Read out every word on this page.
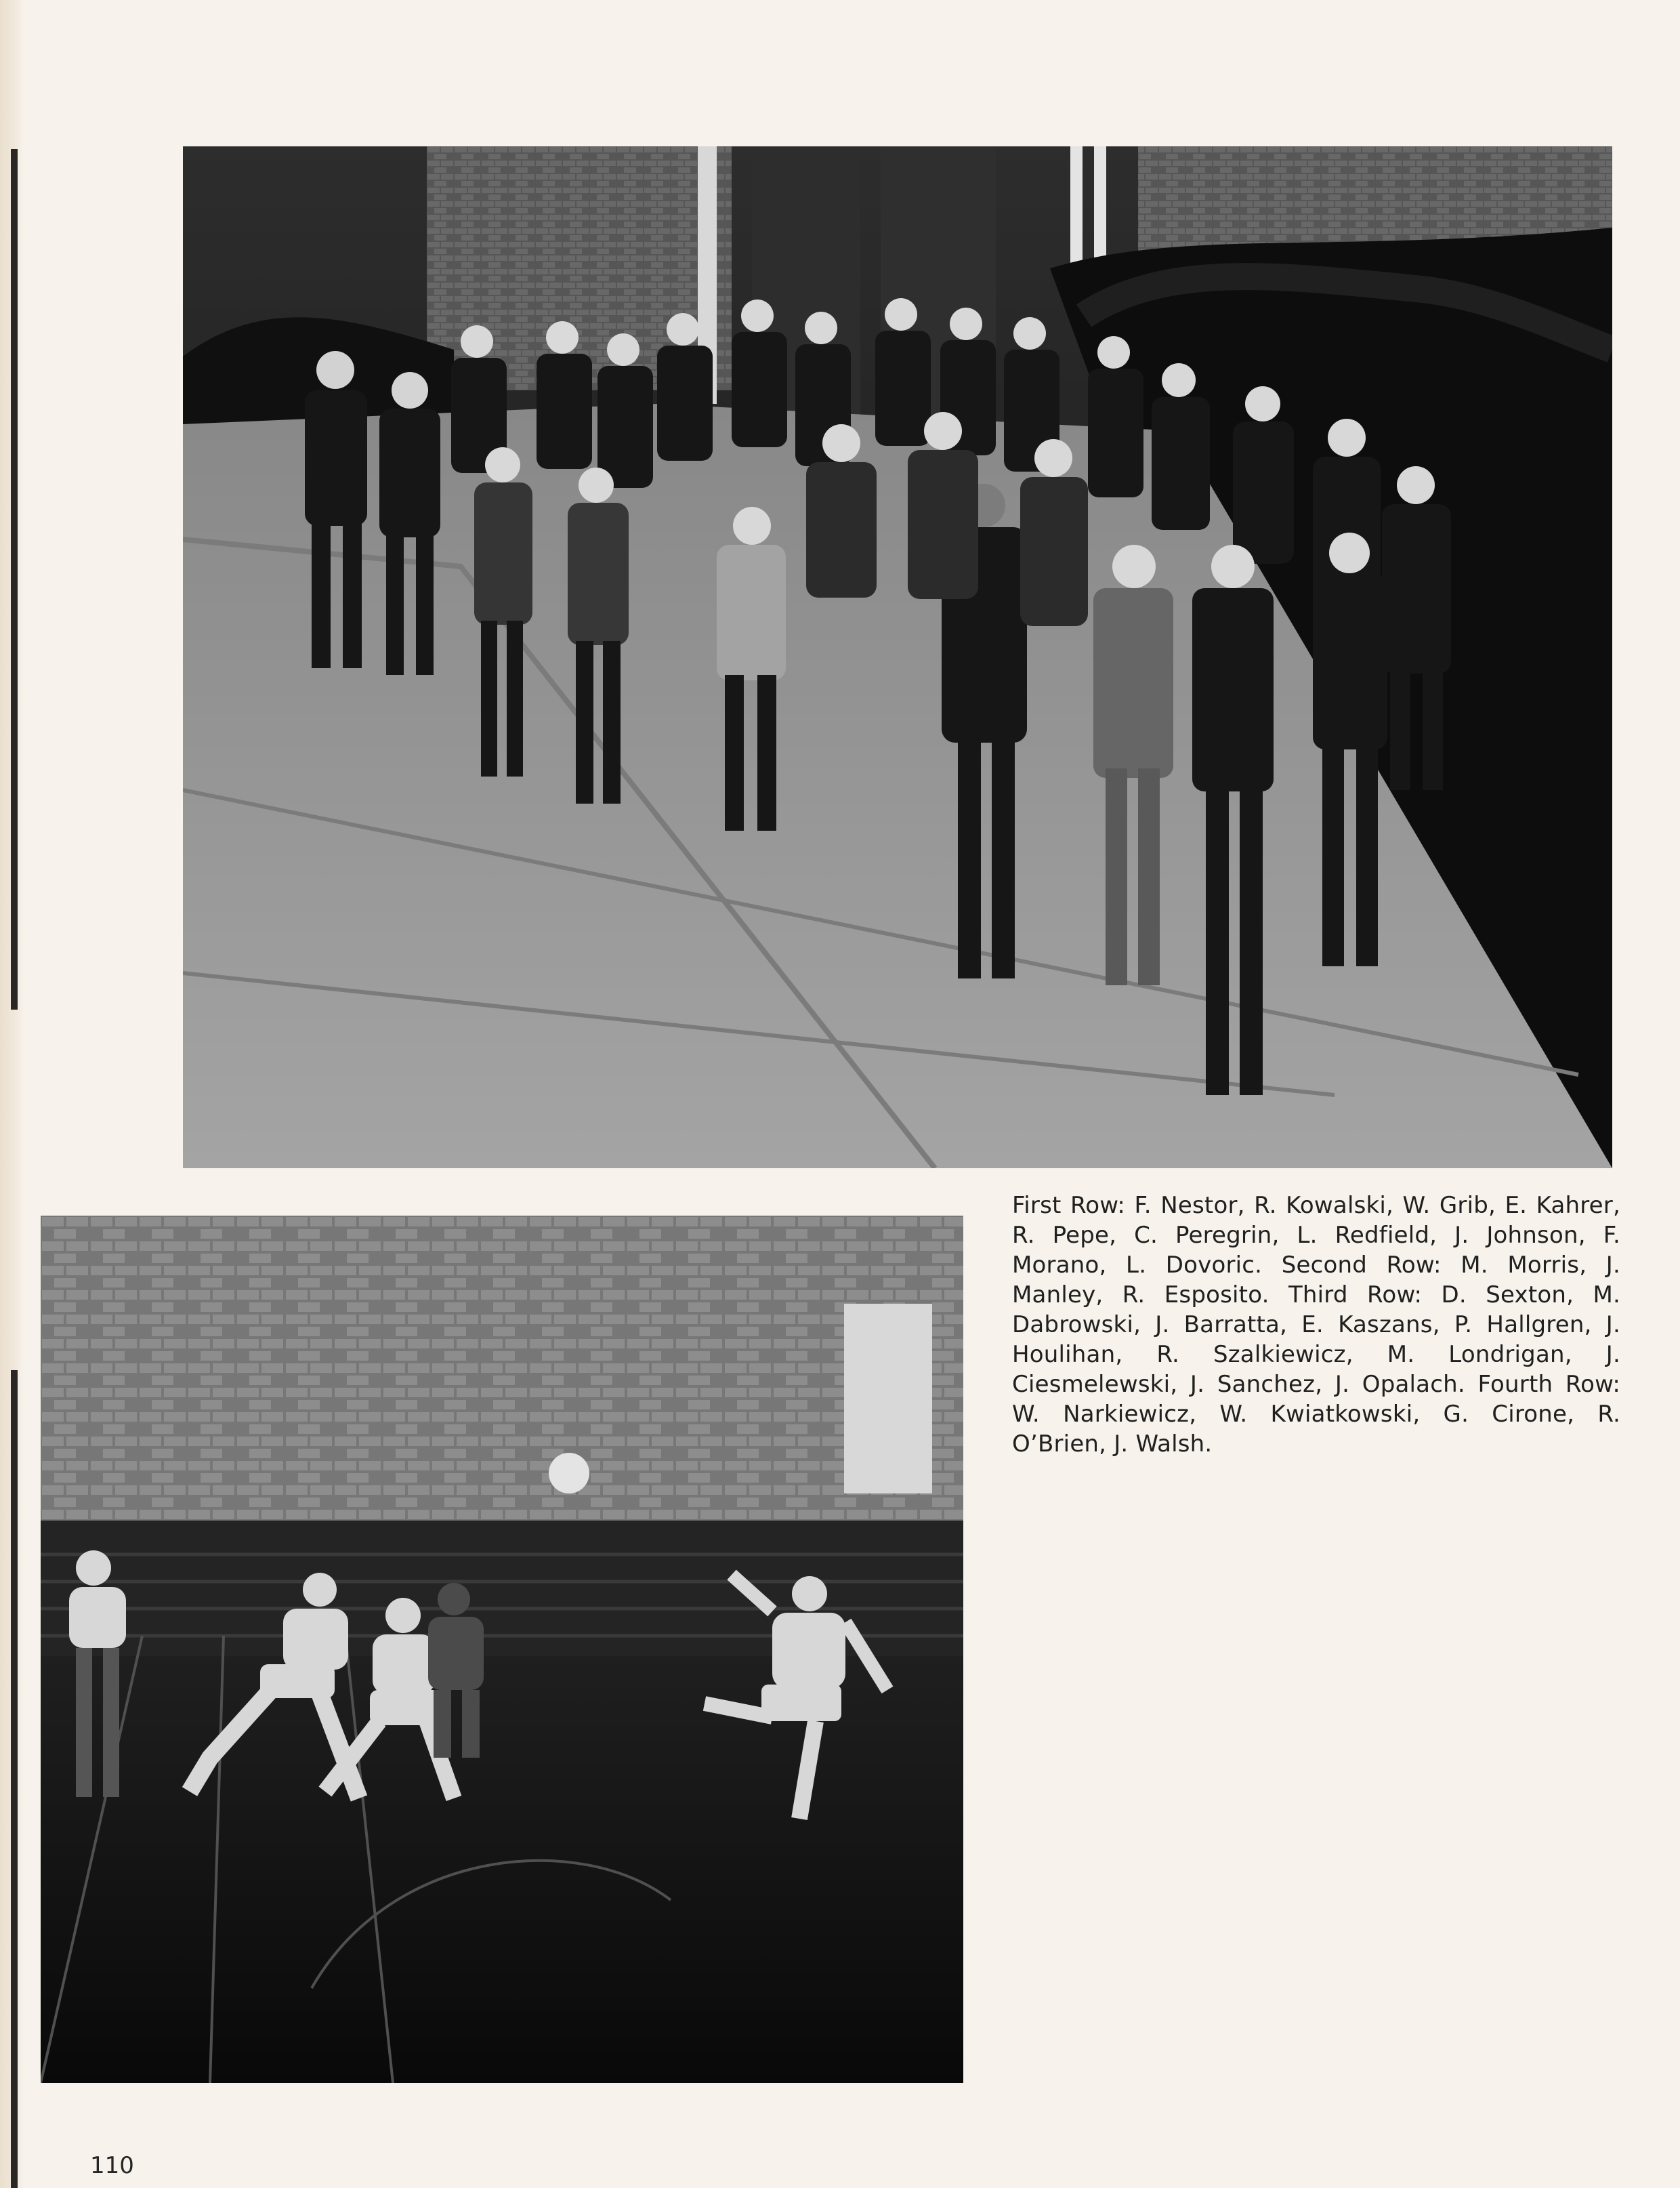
First Row: F. Nestor, R. Kowalski, W. Grib, E. Kahrer, R. Pepe, C. Peregrin, L. Redfield, J. Johnson, F. Morano, L. Dovoric. Second Row: M. Morris, J. Manley, R. Esposito. Third Row: D. Sexton, M. Dabrowski, J. Barratta, E. Kaszans, P. Hallgren, J. Houlihan, R. Szalkiewicz, M. Londrigan, J. Ciesmelewski, J. Sanchez, J. Opalach. Fourth Row: W. Narkiewicz, W. Kwiatkowski, G. Cirone, R. O’Brien, J. Walsh.

110
